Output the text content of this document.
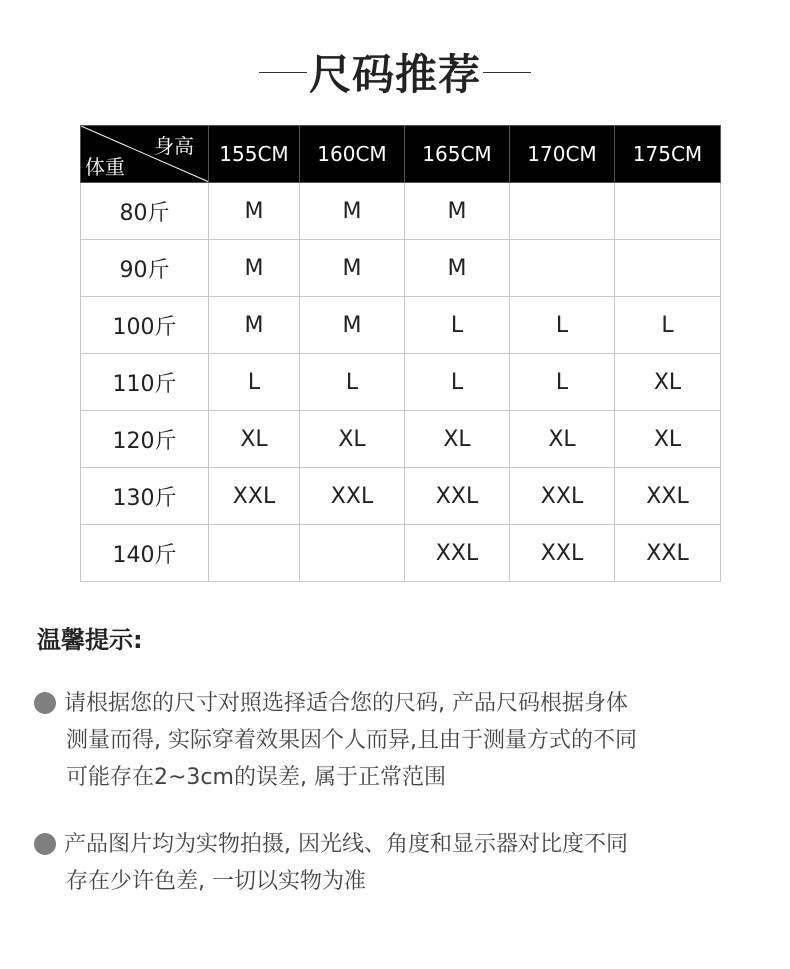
尺码推荐
身高
体重	155CM	160CM	165CM	170CM	175CM
80斤	M	M	M		
90斤	M	M	M		
100斤	M	M	L	L	L
110斤	L	L	L	L	XL
120斤	XL	XL	XL	XL	XL
130斤	XXL	XXL	XXL	XXL	XXL
140斤			XXL	XXL	XXL
温馨提示:
1 请根据您的尺寸对照选择适合您的尺码, 产品尺码根据身体
测量而得, 实际穿着效果因个人而异,且由于测量方式的不同
可能存在2~3cm的误差, 属于正常范围
2 产品图片均为实物拍摄, 因光线、角度和显示器对比度不同
存在少许色差, 一切以实物为准
